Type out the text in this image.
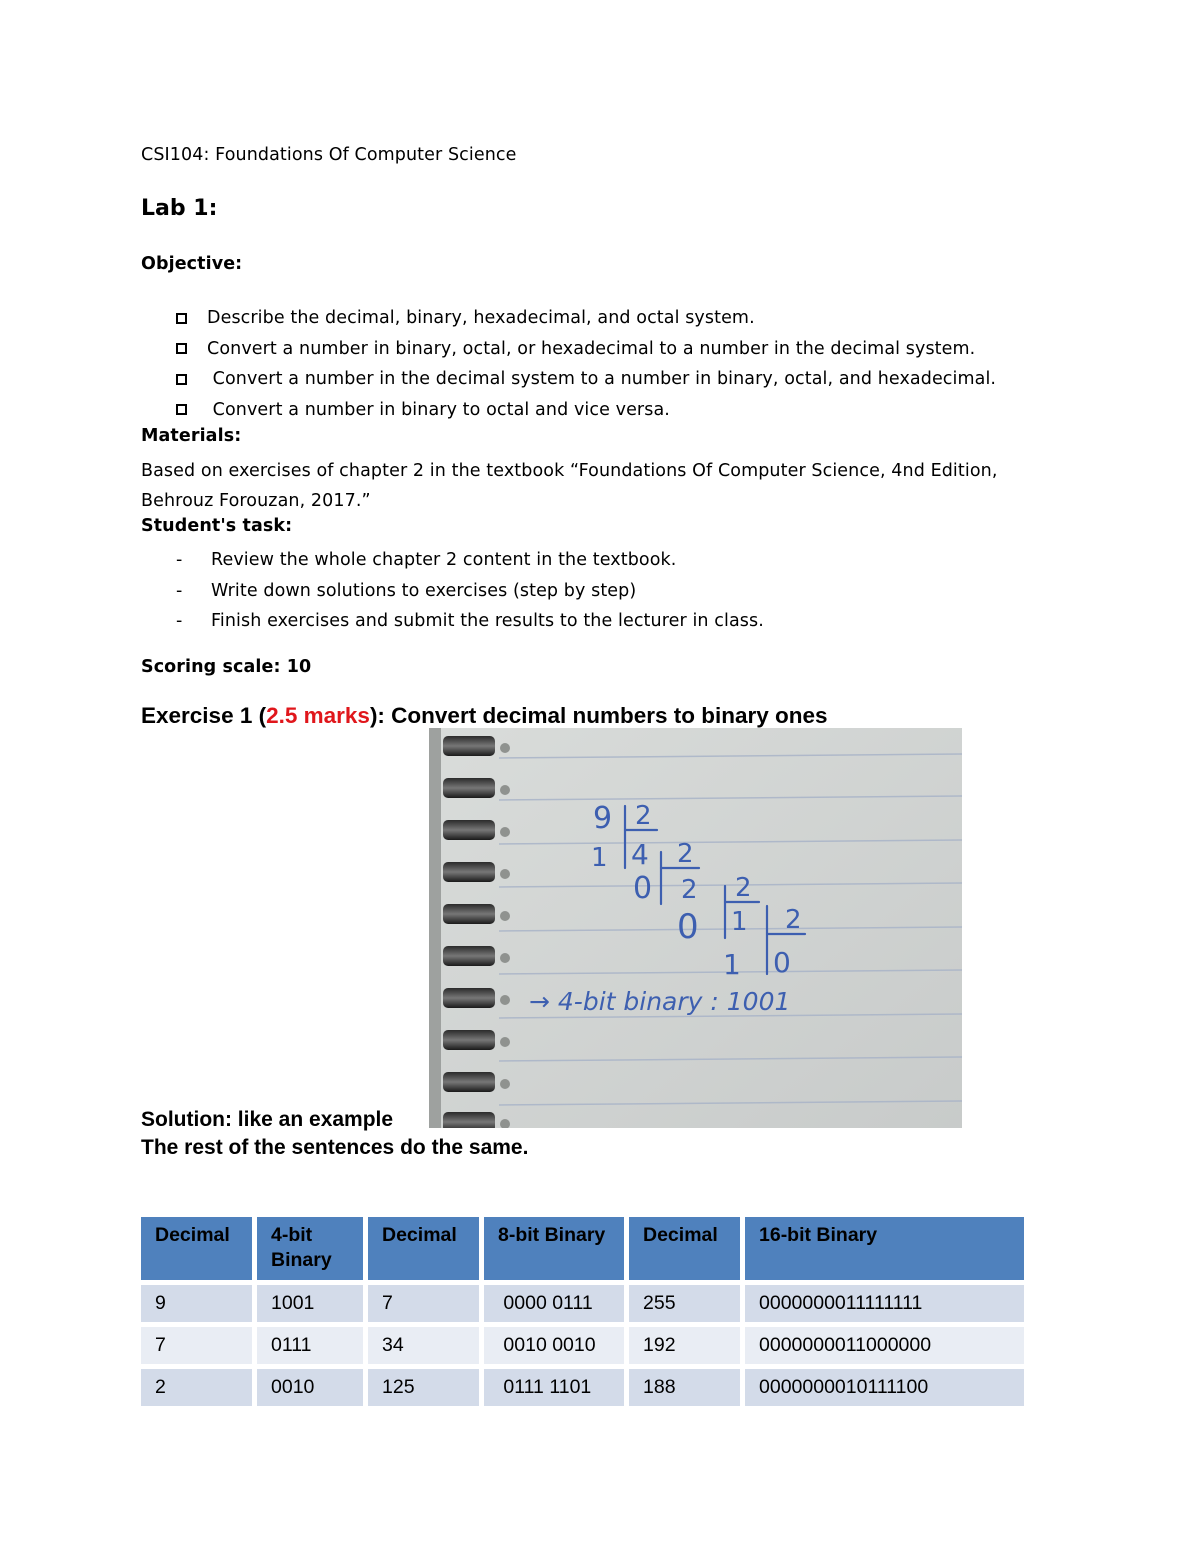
CSI104: Foundations Of Computer Science
Lab 1:
Objective:
Describe the decimal, binary, hexadecimal, and octal system.
Convert a number in binary, octal, or hexadecimal to a number in the decimal system.
Convert a number in the decimal system to a number in binary, octal, and hexadecimal.
Convert a number in binary to octal and vice versa.
Materials:
Based on exercises of chapter 2 in the textbook “Foundations Of Computer Science, 4nd Edition, Behrouz Forouzan, 2017.”
Student's task:
-	Review the whole chapter 2 content in the textbook.
-	Write down solutions to exercises (step by step)
-	Finish exercises and submit the results to the lecturer in class.
Scoring scale: 10
Exercise 1 (2.5 marks): Convert decimal numbers to binary ones
9 2
1 4 2
0 2 2
0 1 2
1 0
→ 4-bit binary : 1001
Solution: like an example
The rest of the sentences do the same.
Decimal	4-bit Binary	Decimal	8-bit Binary	Decimal	16-bit Binary
9	1001	7	0000 0111	255	0000000011111111
7	0111	34	0010 0010	192	0000000011000000
2	0010	125	0111 1101	188	0000000010111100
